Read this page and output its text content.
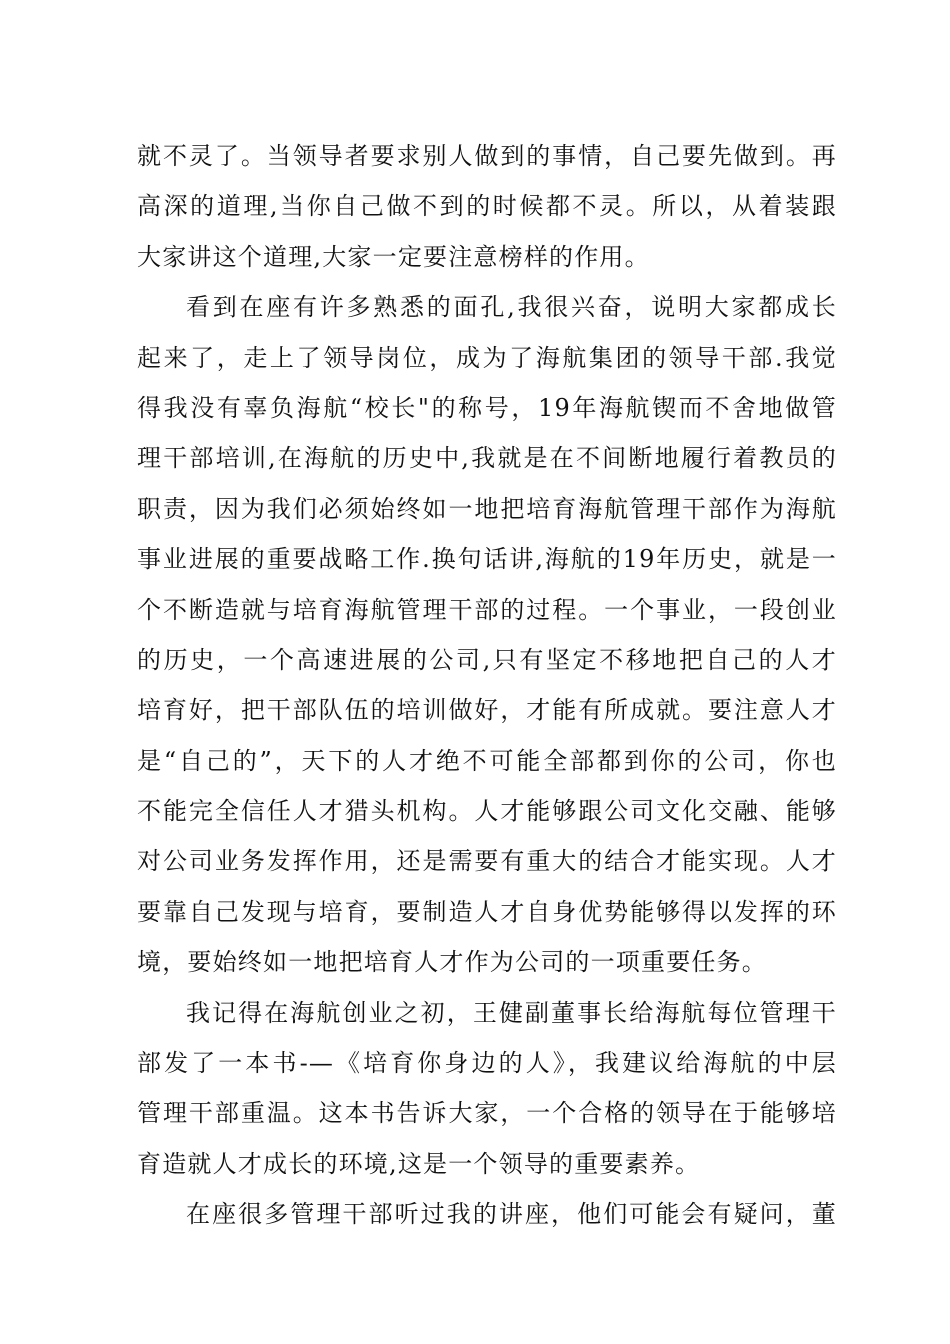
就不灵了。当领导者要求别人做到的事情，自己要先做到。再
高深的道理,当你自己做不到的时候都不灵。所以，从着装跟
大家讲这个道理,大家一定要注意榜样的作用。
看到在座有许多熟悉的面孔,我很兴奋，说明大家都成长
起来了，走上了领导岗位，成为了海航集团的领导干部.我觉
得我没有辜负海航“校长"的称号，19年海航锲而不舍地做管
理干部培训,在海航的历史中,我就是在不间断地履行着教员的
职责，因为我们必须始终如一地把培育海航管理干部作为海航
事业进展的重要战略工作.换句话讲,海航的19年历史，就是一
个不断造就与培育海航管理干部的过程。一个事业，一段创业
的历史，一个高速进展的公司,只有坚定不移地把自己的人才
培育好，把干部队伍的培训做好，才能有所成就。要注意人才
是“自己的”，天下的人才绝不可能全部都到你的公司，你也
不能完全信任人才猎头机构。人才能够跟公司文化交融、能够
对公司业务发挥作用，还是需要有重大的结合才能实现。人才
要靠自己发现与培育，要制造人才自身优势能够得以发挥的环
境，要始终如一地把培育人才作为公司的一项重要任务。
我记得在海航创业之初，王健副董事长给海航每位管理干
部发了一本书-—《培育你身边的人》，我建议给海航的中层
管理干部重温。这本书告诉大家，一个合格的领导在于能够培
育造就人才成长的环境,这是一个领导的重要素养。
在座很多管理干部听过我的讲座，他们可能会有疑问，董
